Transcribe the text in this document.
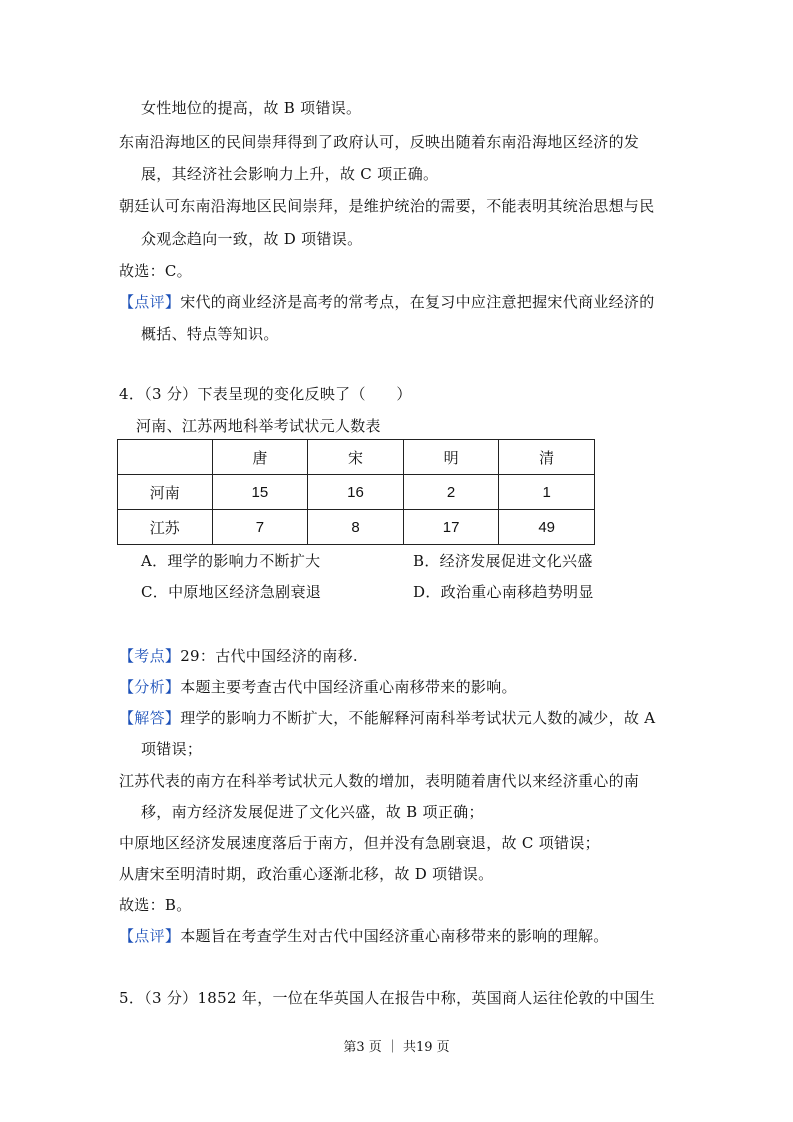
女性地位的提高，故 B 项错误。
东南沿海地区的民间崇拜得到了政府认可，反映出随着东南沿海地区经济的发
展，其经济社会影响力上升，故 C 项正确。
朝廷认可东南沿海地区民间崇拜，是维护统治的需要，不能表明其统治思想与民
众观念趋向一致，故 D 项错误。
故选：C。
【点评】宋代的商业经济是高考的常考点，在复习中应注意把握宋代商业经济的
概括、特点等知识。
4．（3 分）下表呈现的变化反映了（　　）
河南、江苏两地科举考试状元人数表
	唐	宋	明	清
河南	15	16	2	1
江苏	7	8	17	49
A．理学的影响力不断扩大	B．经济发展促进文化兴盛
C．中原地区经济急剧衰退	D．政治重心南移趋势明显
【考点】29：古代中国经济的南移.
【分析】本题主要考查古代中国经济重心南移带来的影响。
【解答】理学的影响力不断扩大，不能解释河南科举考试状元人数的减少，故 A
项错误；
江苏代表的南方在科举考试状元人数的增加，表明随着唐代以来经济重心的南
移，南方经济发展促进了文化兴盛，故 B 项正确；
中原地区经济发展速度落后于南方，但并没有急剧衰退，故 C 项错误；
从唐宋至明清时期，政治重心逐渐北移，故 D 项错误。
故选：B。
【点评】本题旨在考查学生对古代中国经济重心南移带来的影响的理解。
5．（3 分）1852 年，一位在华英国人在报告中称，英国商人运往伦敦的中国生
第3 页 ｜ 共19 页
